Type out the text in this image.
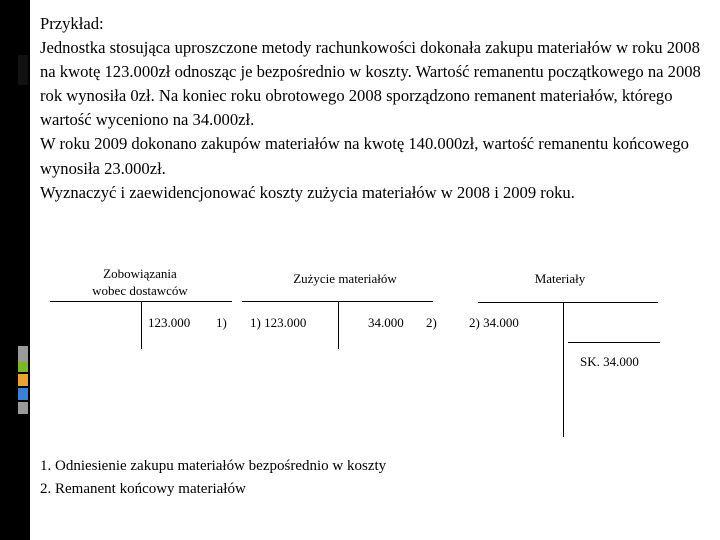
Przykład:

Jednostka stosująca uproszczone metody rachunkowości dokonała zakupu materiałów w roku 2008 na kwotę 123.000zł odnosząc je bezpośrednio w koszty. Wartość remanentu początkowego na 2008 rok wynosiła 0zł. Na koniec roku obrotowego 2008 sporządzono remanent materiałów, którego wartość wyceniono na 34.000zł.

W roku 2009 dokonano zakupów materiałów na kwotę 140.000zł, wartość remanentu końcowego wynosiła 23.000zł.

Wyznaczyć i zaewidencjonować koszty zużycia materiałów w 2008 i 2009 roku.

Zobowiązania
wobec dostawców
123.000 1)
Zużycie materiałów
1) 123.000	34.000 2)
Materiały
2) 34.000
SK. 34.000

1. Odniesienie zakupu materiałów bezpośrednio w koszty

2. Remanent końcowy materiałów
